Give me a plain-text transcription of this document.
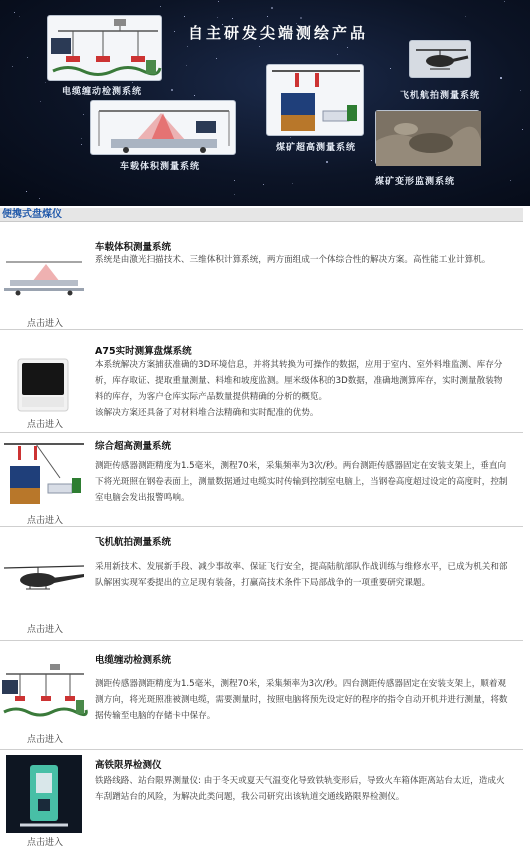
自主研发尖端测绘产品
电缆缠动检测系统
车载体积测量系统
煤矿超高测量系统
飞机航拍测量系统
煤矿变形监测系统
便携式盘煤仪
点击进入
车载体积测量系统
系统是由激光扫描技术、三维体积计算系统，两方面组成一个体综合性的解决方案。高性能工业计算机。
点击进入
A75实时测算盘煤系统
本系统解决方案捕获准确的3D环境信息，并将其转换为可操作的数据，应用于室内、室外料堆监测、库存分析，库存取证、提取重量测量、料堆和坡度监测。厘米级体积的3D数据，准确地测算库存，实时测量散装物料的库存，为客户仓库实际产品数量提供精确的分析的概览。
该解决方案还具备了对材料堆合法精确和实时配准的优势。
点击进入
综合超高测量系统
测距传感器测距精度为1.5毫米，测程70米，采集频率为3次/秒。两台测距传感器固定在安装支架上，垂直向下将光斑照在钢卷表面上，测量数据通过电缆实时传输到控制室电脑上，当钢卷高度超过设定的高度时，控制室电脑会发出报警鸣响。
点击进入
飞机航拍测量系统
采用新技术、发展新手段、减少事故率、保证飞行安全，提高陆航部队作战训练与维修水平，已成为机关和部队解困实现军委提出的立足现有装备，打赢高技术条件下局部战争的一项重要研究课题。
点击进入
电缆缠动检测系统
测距传感器测距精度为1.5毫米，测程70米，采集频率为3次/秒。四台测距传感器固定在安装支架上，顺着观测方向，将光斑照准被测电缆，需要测量时，按照电脑将预先设定好的程序的指令自动开机并进行测量，将数据传输至电脑的存储卡中保存。
点击进入
高铁限界检测仪
铁路线路、站台限界测量仪: 由于冬天或夏天气温变化导致铁轨变形后，导致火车箱体距离站台太近，造成火车刮蹭站台的风险，为解决此类问题，我公司研究出该轨道交通线路限界检测仪。
